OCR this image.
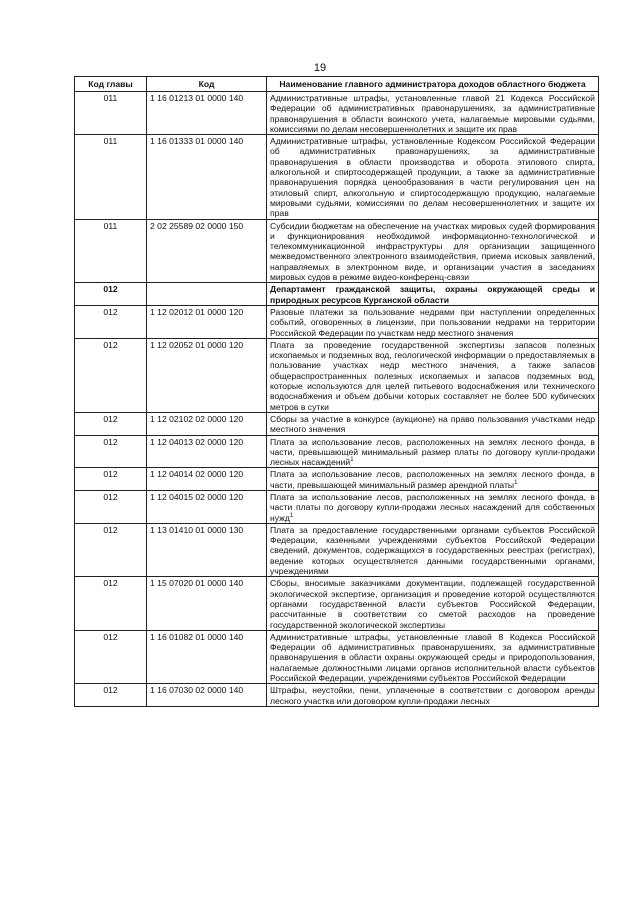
19
Код главы	Код	Наименование главного администратора доходов областного бюджета
011	1 16 01213 01 0000 140	Административные штрафы, установленные главой 21 Кодекса Российской Федерации об административных правонарушениях, за административные правонарушения в области воинского учета, налагаемые мировыми судьями, комиссиями по делам несовершеннолетних и защите их прав
011	1 16 01333 01 0000 140	Административные штрафы, установленные Кодексом Российской Федерации об административных правонарушениях, за административные правонарушения в области производства и оборота этилового спирта, алкогольной и спиртосодержащей продукции, а также за административные правонарушения порядка ценообразования в части регулирования цен на этиловый спирт, алкогольную и спиртосодержащую продукцию, налагаемые мировыми судьями, комиссиями по делам несовершеннолетних и защите их прав
011	2 02 25589 02 0000 150	Субсидии бюджетам на обеспечение на участках мировых судей формирования и функционирования необходимой информационно-технологической и телекоммуникационной инфраструктуры для организации защищенного межведомственного электронного взаимодействия, приема исковых заявлений, направляемых в электронном виде, и организации участия в заседаниях мировых судов в режиме видео-конференц-связи
012		Департамент гражданской защиты, охраны окружающей среды и природных ресурсов Курганской области
012	1 12 02012 01 0000 120	Разовые платежи за пользование недрами при наступлении определенных событий, оговоренных в лицензии, при пользовании недрами на территории Российской Федерации по участкам недр местного значения
012	1 12 02052 01 0000 120	Плата за проведение государственной экспертизы запасов полезных ископаемых и подземных вод, геологической информации о предоставляемых в пользование участках недр местного значения, а также запасов общераспространенных полезных ископаемых и запасов подземных вод, которые используются для целей питьевого водоснабжения или технического водоснабжения и объем добычи которых составляет не более 500 кубических метров в сутки
012	1 12 02102 02 0000 120	Сборы за участие в конкурсе (аукционе) на право пользования участками недр местного значения
012	1 12 04013 02 0000 120	Плата за использование лесов, расположенных на землях лесного фонда, в части, превышающей минимальный размер платы по договору купли-продажи лесных насаждений$^1$
012	1 12 04014 02 0000 120	Плата за использование лесов, расположенных на землях лесного фонда, в части, превышающей минимальный размер арендной платы$^1$
012	1 12 04015 02 0000 120	Плата за использование лесов, расположенных на землях лесного фонда, в части платы по договору купли-продажи лесных насаждений для собственных нужд$^1$
012	1 13 01410 01 0000 130	Плата за предоставление государственными органами субъектов Российской Федерации, казенными учреждениями субъектов Российской Федерации сведений, документов, содержащихся в государственных реестрах (регистрах), ведение которых осуществляется данными государственными органами, учреждениями
012	1 15 07020 01 0000 140	Сборы, вносимые заказчиками документации, подлежащей государственной экологической экспертизе, организация и проведение которой осуществляются органами государственной власти субъектов Российской Федерации, рассчитанные в соответствии со сметой расходов на проведение государственной экологической экспертизы
012	1 16 01082 01 0000 140	Административные штрафы, установленные главой 8 Кодекса Российской Федерации об административных правонарушениях, за административные правонарушения в области охраны окружающей среды и природопользования, налагаемые должностными лицами органов исполнительной власти субъектов Российской Федерации, учреждениями субъектов Российской Федерации
012	1 16 07030 02 0000 140	Штрафы, неустойки, пени, уплаченные в соответствии с договором аренды лесного участка или договором купли-продажи лесных
